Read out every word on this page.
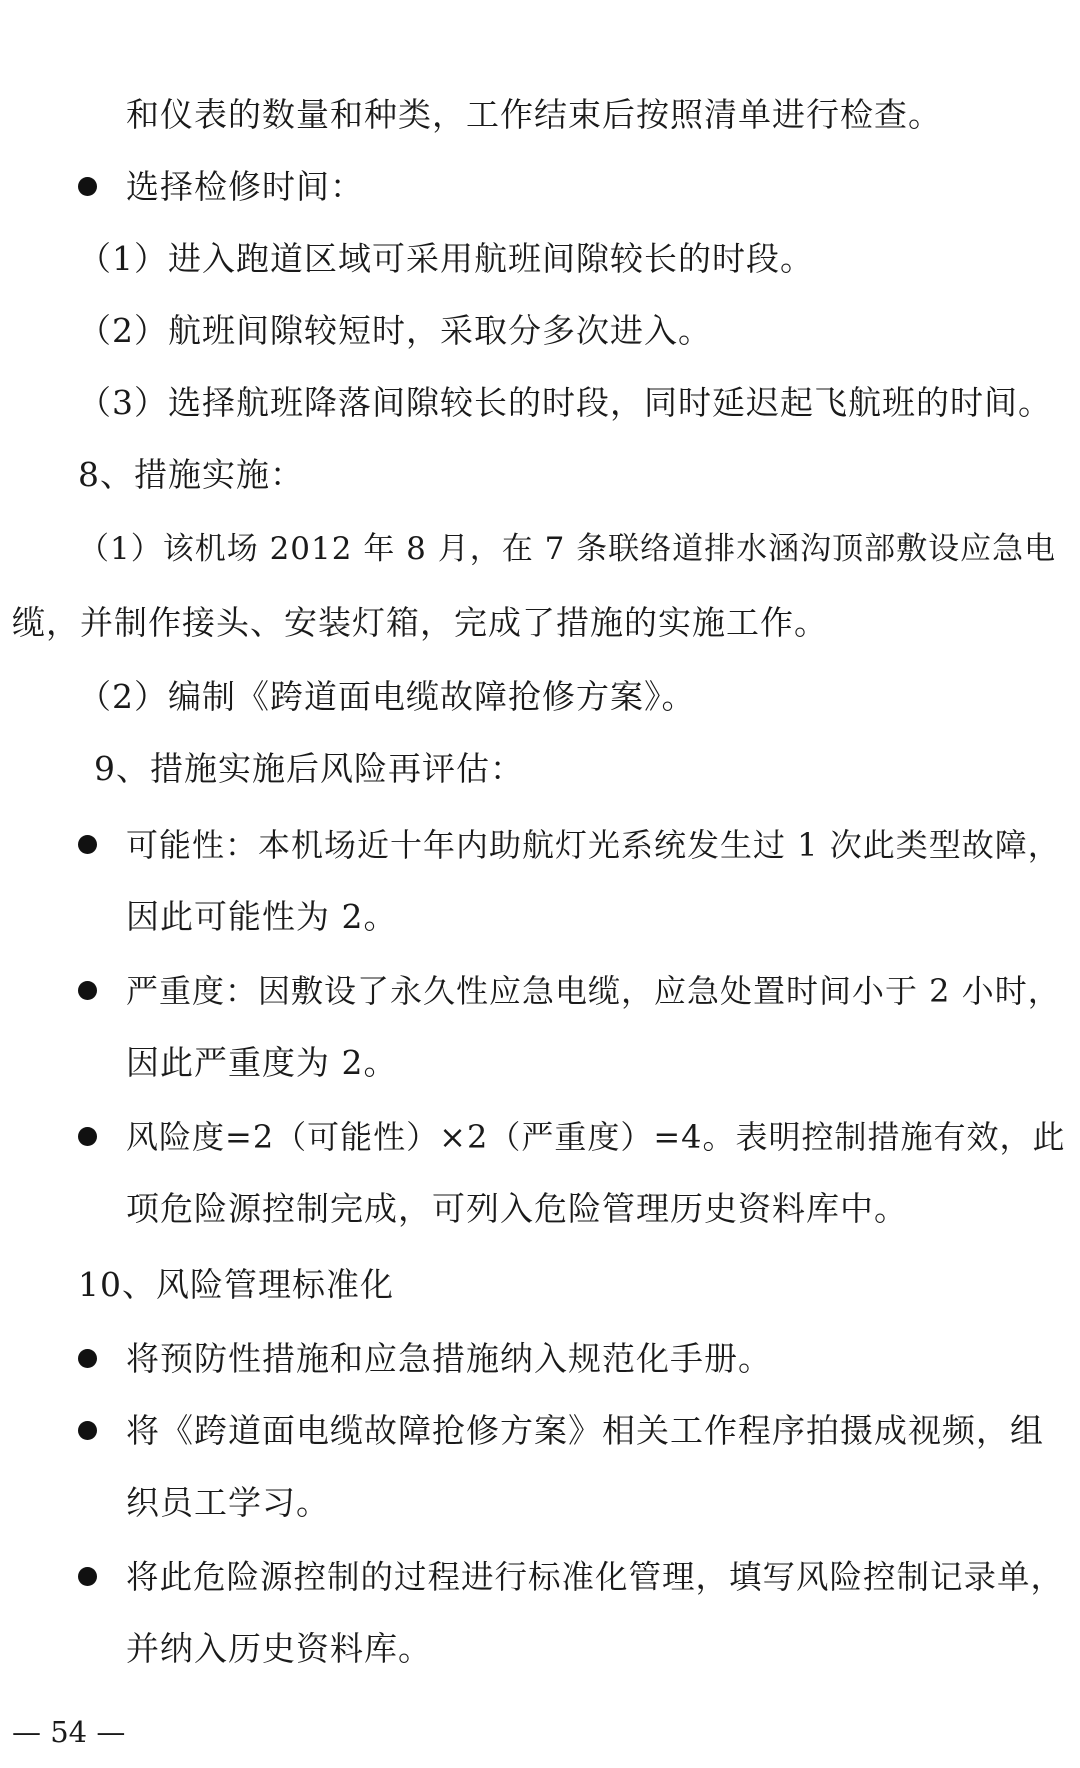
和仪表的数量和种类，工作结束后按照清单进行检查。
选择检修时间：
（1）进入跑道区域可采用航班间隙较长的时段。
（2）航班间隙较短时，采取分多次进入。
（3）选择航班降落间隙较长的时段，同时延迟起飞航班的时间。
8、措施实施：
（1）该机场 2012 年 8 月，在 7 条联络道排水涵沟顶部敷设应急电
缆，并制作接头、安装灯箱，完成了措施的实施工作。
（2）编制《跨道面电缆故障抢修方案》。
9、措施实施后风险再评估：
可能性：本机场近十年内助航灯光系统发生过 1 次此类型故障，
因此可能性为 2。
严重度：因敷设了永久性应急电缆，应急处置时间小于 2 小时，
因此严重度为 2。
风险度=2（可能性）×2（严重度）=4。表明控制措施有效，此
项危险源控制完成，可列入危险管理历史资料库中。
10、风险管理标准化
将预防性措施和应急措施纳入规范化手册。
将《跨道面电缆故障抢修方案》相关工作程序拍摄成视频，组
织员工学习。
将此危险源控制的过程进行标准化管理，填写风险控制记录单，
并纳入历史资料库。
— 54 —
